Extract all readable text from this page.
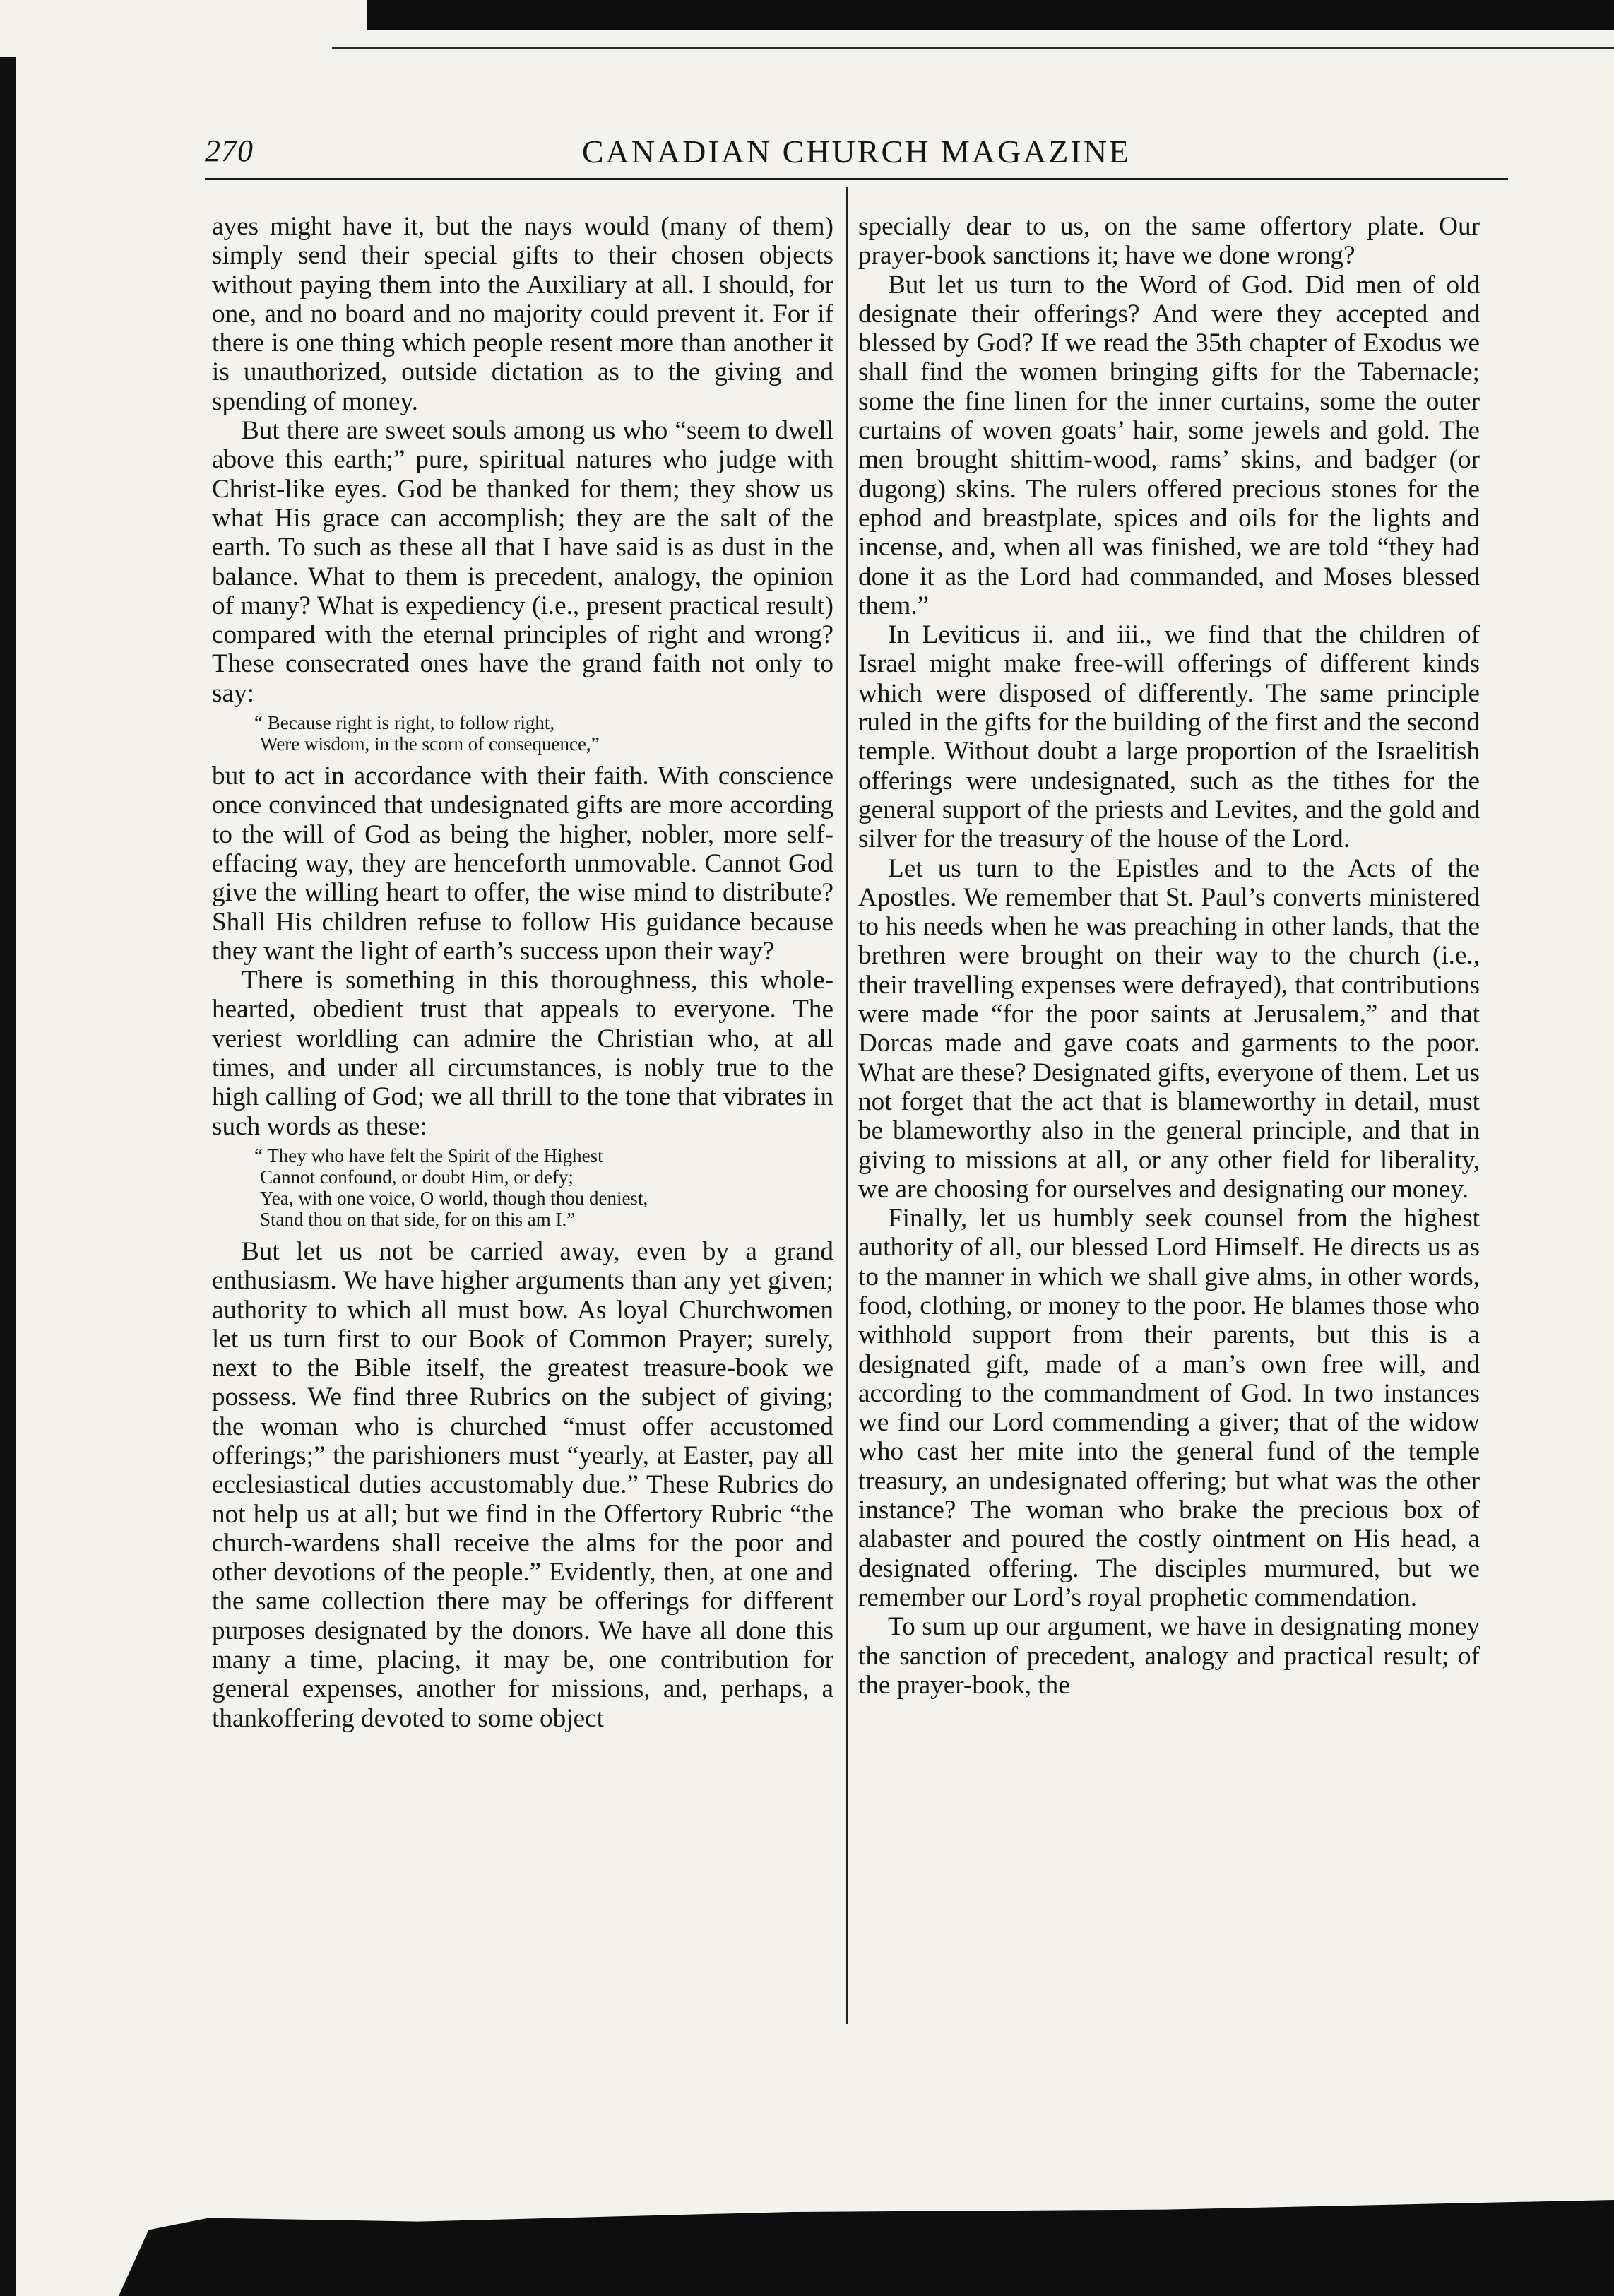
270	CANADIAN CHURCH MAGAZINE

ayes might have it, but the nays would (many of them) simply send their special gifts to their chosen objects without paying them into the Auxiliary at all. I should, for one, and no board and no majority could prevent it. For if there is one thing which people resent more than another it is unauthorized, outside dictation as to the giving and spending of money.

But there are sweet souls among us who “seem to dwell above this earth;” pure, spiritual natures who judge with Christ-like eyes. God be thanked for them; they show us what His grace can accomplish; they are the salt of the earth. To such as these all that I have said is as dust in the balance. What to them is precedent, analogy, the opinion of many? What is expediency (i.e., present practical result) compared with the eternal principles of right and wrong? These consecrated ones have the grand faith not only to say:

“ Because right is right, to follow right,
Were wisdom, in the scorn of consequence,”

but to act in accordance with their faith. With conscience once convinced that undesignated gifts are more according to the will of God as being the higher, nobler, more self-effacing way, they are henceforth unmovable. Cannot God give the willing heart to offer, the wise mind to distribute? Shall His children refuse to follow His guidance because they want the light of earth’s success upon their way?

There is something in this thoroughness, this whole-hearted, obedient trust that appeals to everyone. The veriest worldling can admire the Christian who, at all times, and under all circumstances, is nobly true to the high calling of God; we all thrill to the tone that vibrates in such words as these:

“ They who have felt the Spirit of the Highest
Cannot confound, or doubt Him, or defy;
Yea, with one voice, O world, though thou deniest,
Stand thou on that side, for on this am I.”

But let us not be carried away, even by a grand enthusiasm. We have higher arguments than any yet given; authority to which all must bow. As loyal Churchwomen let us turn first to our Book of Common Prayer; surely, next to the Bible itself, the greatest treasure-book we possess. We find three Rubrics on the subject of giving; the woman who is churched “must offer accustomed offerings;” the parishioners must “yearly, at Easter, pay all ecclesiastical duties accustomably due.” These Rubrics do not help us at all; but we find in the Offertory Rubric “the church-wardens shall receive the alms for the poor and other devotions of the people.” Evidently, then, at one and the same collection there may be offerings for different purposes designated by the donors. We have all done this many a time, placing, it may be, one contribution for general expenses, another for missions, and, perhaps, a thankoffering devoted to some object

specially dear to us, on the same offertory plate. Our prayer-book sanctions it; have we done wrong?

But let us turn to the Word of God. Did men of old designate their offerings? And were they accepted and blessed by God? If we read the 35th chapter of Exodus we shall find the women bringing gifts for the Tabernacle; some the fine linen for the inner curtains, some the outer curtains of woven goats’ hair, some jewels and gold. The men brought shittim-wood, rams’ skins, and badger (or dugong) skins. The rulers offered precious stones for the ephod and breastplate, spices and oils for the lights and incense, and, when all was finished, we are told “they had done it as the Lord had commanded, and Moses blessed them.”

In Leviticus ii. and iii., we find that the children of Israel might make free-will offerings of different kinds which were disposed of differently. The same principle ruled in the gifts for the building of the first and the second temple. Without doubt a large proportion of the Israelitish offerings were undesignated, such as the tithes for the general support of the priests and Levites, and the gold and silver for the treasury of the house of the Lord.

Let us turn to the Epistles and to the Acts of the Apostles. We remember that St. Paul’s converts ministered to his needs when he was preaching in other lands, that the brethren were brought on their way to the church (i.e., their travelling expenses were defrayed), that contributions were made “for the poor saints at Jerusalem,” and that Dorcas made and gave coats and garments to the poor. What are these? Designated gifts, everyone of them. Let us not forget that the act that is blameworthy in detail, must be blameworthy also in the general principle, and that in giving to missions at all, or any other field for liberality, we are choosing for ourselves and designating our money.

Finally, let us humbly seek counsel from the highest authority of all, our blessed Lord Himself. He directs us as to the manner in which we shall give alms, in other words, food, clothing, or money to the poor. He blames those who withhold support from their parents, but this is a designated gift, made of a man’s own free will, and according to the commandment of God. In two instances we find our Lord commending a giver; that of the widow who cast her mite into the general fund of the temple treasury, an undesignated offering; but what was the other instance? The woman who brake the precious box of alabaster and poured the costly ointment on His head, a designated offering. The disciples murmured, but we remember our Lord’s royal prophetic commendation.

To sum up our argument, we have in designating money the sanction of precedent, analogy and practical result; of the prayer-book, the
